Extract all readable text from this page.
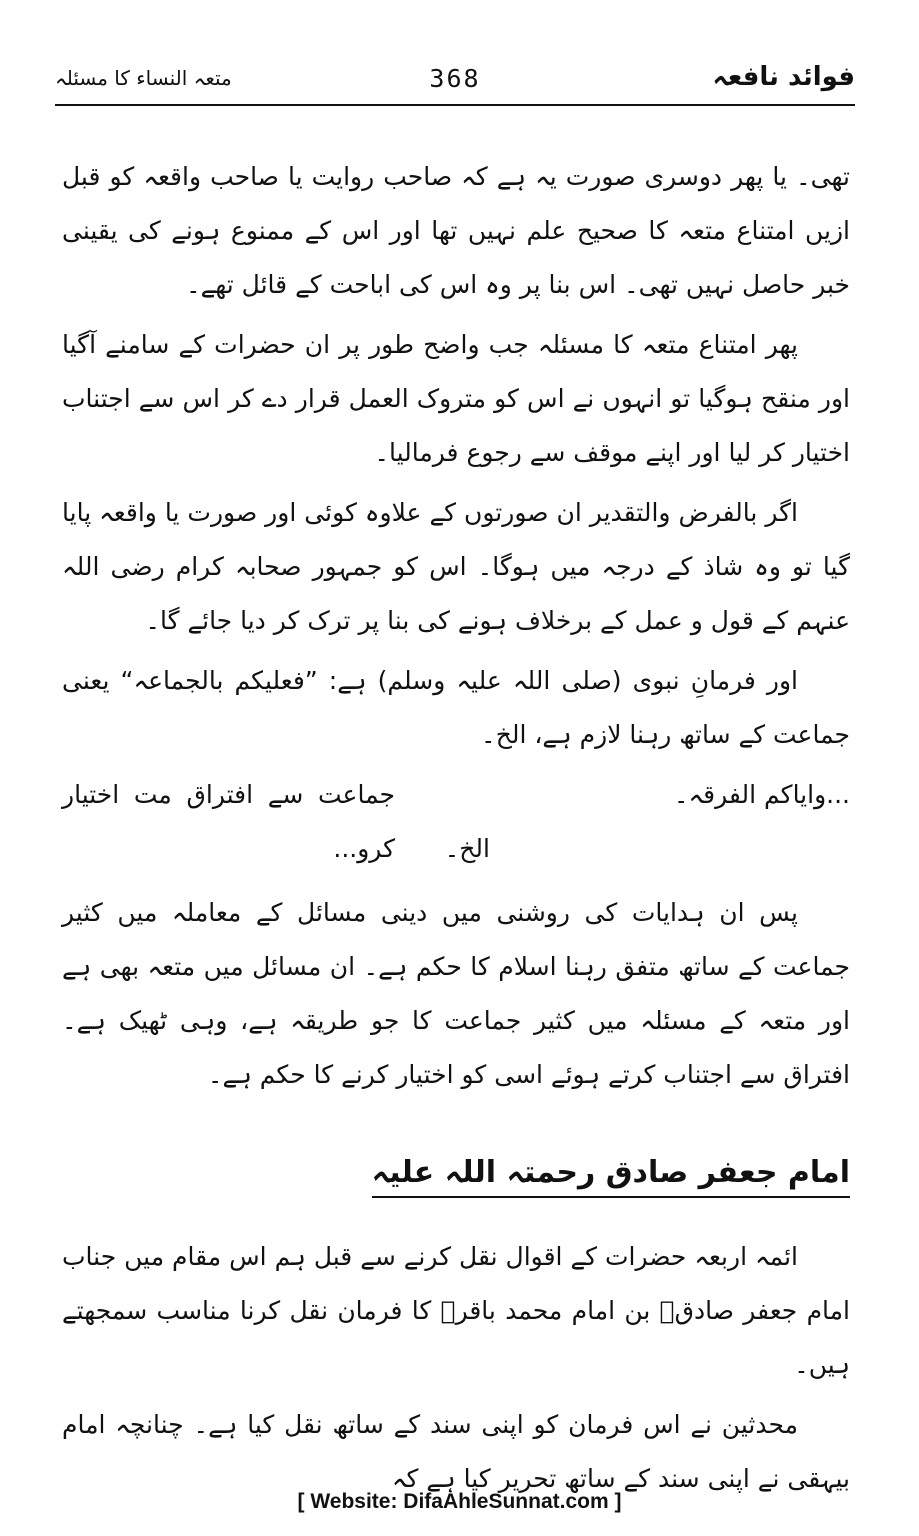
فوائد نافعہ
368
متعہ النساء کا مسئلہ

تھی۔ یا پھر دوسری صورت یہ ہے کہ صاحب روایت یا صاحب واقعہ کو قبل ازیں امتناع متعہ کا صحیح علم نہیں تھا اور اس کے ممنوع ہونے کی یقینی خبر حاصل نہیں تھی۔ اس بنا پر وہ اس کی اباحت کے قائل تھے۔

پھر امتناع متعہ کا مسئلہ جب واضح طور پر ان حضرات کے سامنے آگیا اور منقح ہوگیا تو انہوں نے اس کو متروک العمل قرار دے کر اس سے اجتناب اختیار کر لیا اور اپنے موقف سے رجوع فرمالیا۔

اگر بالفرض والتقدیر ان صورتوں کے علاوہ کوئی اور صورت یا واقعہ پایا گیا تو وہ شاذ کے درجہ میں ہوگا۔ اس کو جمہور صحابہ کرام رضی اللہ عنہم کے قول و عمل کے برخلاف ہونے کی بنا پر ترک کر دیا جائے گا۔

اور فرمانِ نبوی (صلی اللہ علیہ وسلم) ہے: ”فعلیکم بالجماعہ“ یعنی جماعت کے ساتھ رہنا لازم ہے، الخ۔

...وایاکم الفرقہ۔
جماعت سے افتراق مت اختیار کرو...	الخ۔

پس ان ہدایات کی روشنی میں دینی مسائل کے معاملہ میں کثیر جماعت کے ساتھ متفق رہنا اسلام کا حکم ہے۔ ان مسائل میں متعہ بھی ہے اور متعہ کے مسئلہ میں کثیر جماعت کا جو طریقہ ہے، وہی ٹھیک ہے۔ افتراق سے اجتناب کرتے ہوئے اسی کو اختیار کرنے کا حکم ہے۔

امام جعفر صادق رحمتہ اللہ علیہ

ائمہ اربعہ حضرات کے اقوال نقل کرنے سے قبل ہم اس مقام میں جناب امام جعفر صادقؒ بن امام محمد باقرؒ کا فرمان نقل کرنا مناسب سمجھتے ہیں۔

محدثین نے اس فرمان کو اپنی سند کے ساتھ نقل کیا ہے۔ چنانچہ امام بیہقی نے اپنی سند کے ساتھ تحریر کیا ہے کہ

[ Website: DifaAhleSunnat.com ]
